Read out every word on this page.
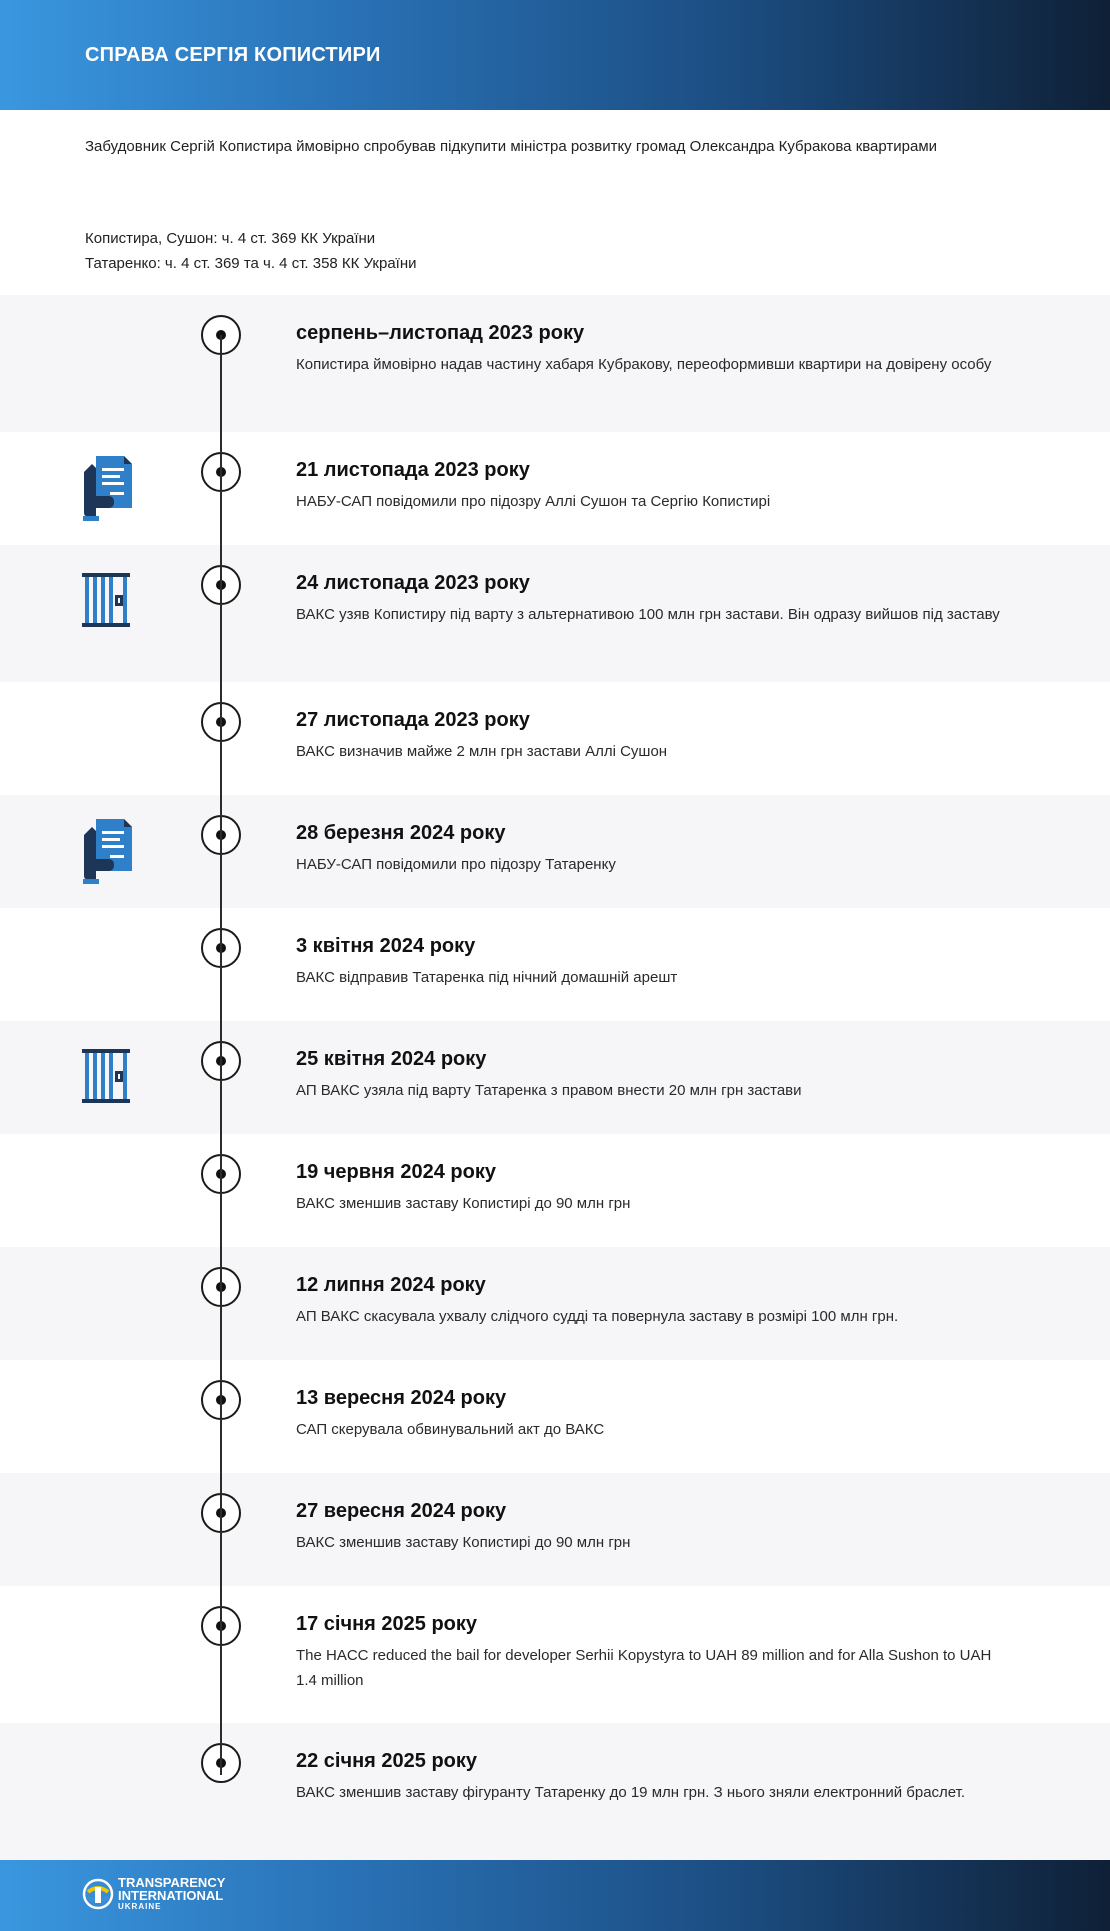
СПРАВА СЕРГІЯ КОПИСТИРИ
Забудовник Сергій Копистира ймовірно спробував підкупити міністра розвитку громад Олександра Кубракова квартирами
Копистира, Сушон: ч. 4 ст. 369 КК України
Татаренко: ч. 4 ст. 369 та ч. 4 ст. 358 КК України
серпень–листопад 2023 року
Копистира ймовірно надав частину хабаря Кубракову, переоформивши квартири на довірену особу
21 листопада 2023 року
НАБУ-САП повідомили про підозру Аллі Сушон та Сергію Копистирі
24 листопада 2023 року
ВАКС узяв Копистиру під варту з альтернативою 100 млн грн застави. Він одразу вийшов під заставу
27 листопада 2023 року
ВАКС визначив майже 2 млн грн застави Аллі Сушон
28 березня 2024 року
НАБУ-САП повідомили про підозру Татаренку
3 квітня 2024 року
ВАКС відправив Татаренка під нічний домашній арешт
25 квітня 2024 року
АП ВАКС узяла під варту Татаренка з правом внести 20 млн грн застави
19 червня 2024 року
ВАКС зменшив заставу Копистирі до 90 млн грн
12 липня 2024 року
АП ВАКС скасувала ухвалу слідчого судді та повернула заставу в розмірі 100 млн грн.
13 вересня 2024 року
САП скерувала обвинувальний акт до ВАКС
27 вересня 2024 року
ВАКС зменшив заставу Копистирі до 90 млн грн
17 січня 2025 року
The HACC reduced the bail for developer Serhii Kopystyra to UAH 89 million and for Alla Sushon to UAH 1.4 million
22 січня 2025 року
ВАКС зменшив заставу фігуранту Татаренку до 19 млн грн. З нього зняли електронний браслет.
TRANSPARENCY
INTERNATIONAL
UKRAINE
